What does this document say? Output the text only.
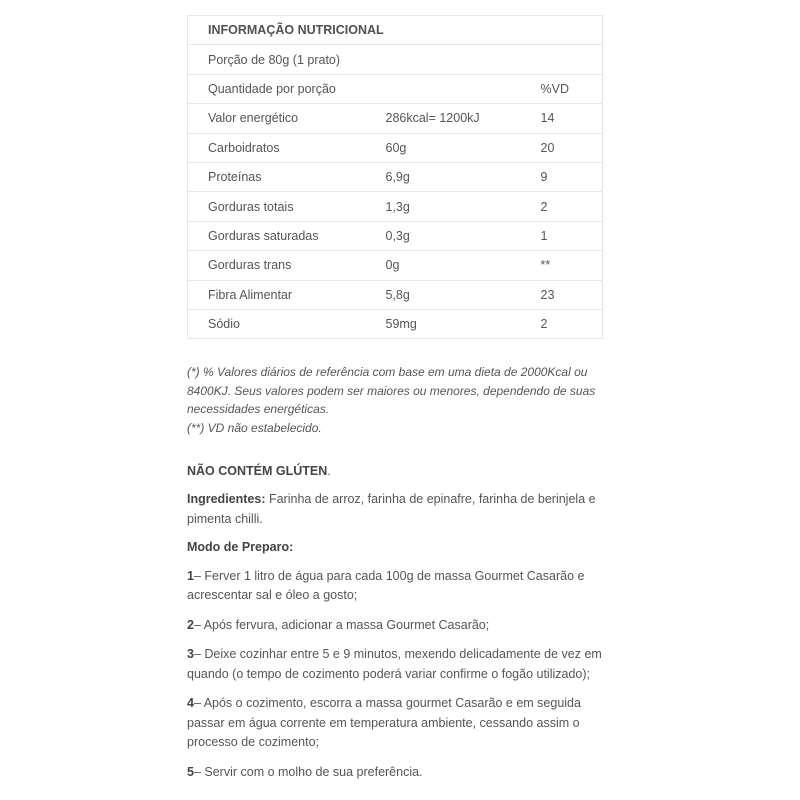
INFORMAÇÃO NUTRICIONAL		
Porção de 80g (1 prato)		
Quantidade por porção		%VD
Valor energético	286kcal= 1200kJ	14
Carboidratos	60g	20
Proteínas	6,9g	9
Gorduras totais	1,3g	2
Gorduras saturadas	0,3g	1
Gorduras trans	0g	**
Fibra Alimentar	5,8g	23
Sódio	59mg	2
(*) % Valores diários de referência com base em uma dieta de 2000Kcal ou 8400KJ. Seus valores podem ser maiores ou menores, dependendo de suas necessidades energéticas.
(**) VD não estabelecido.
NÃO CONTÉM GLÚTEN.
Ingredientes: Farinha de arroz, farinha de epinafre, farinha de berinjela e pimenta chilli.
Modo de Preparo:
1– Ferver 1 litro de água para cada 100g de massa Gourmet Casarão e acrescentar sal e óleo a gosto;
2– Após fervura, adicionar a massa Gourmet Casarão;
3– Deixe cozinhar entre 5 e 9 minutos, mexendo delicadamente de vez em quando (o tempo de cozimento poderá variar confirme o fogão utilizado);
4– Após o cozimento, escorra a massa gourmet Casarão e em seguida passar em água corrente em temperatura ambiente, cessando assim o processo de cozimento;
5– Servir com o molho de sua preferência.
